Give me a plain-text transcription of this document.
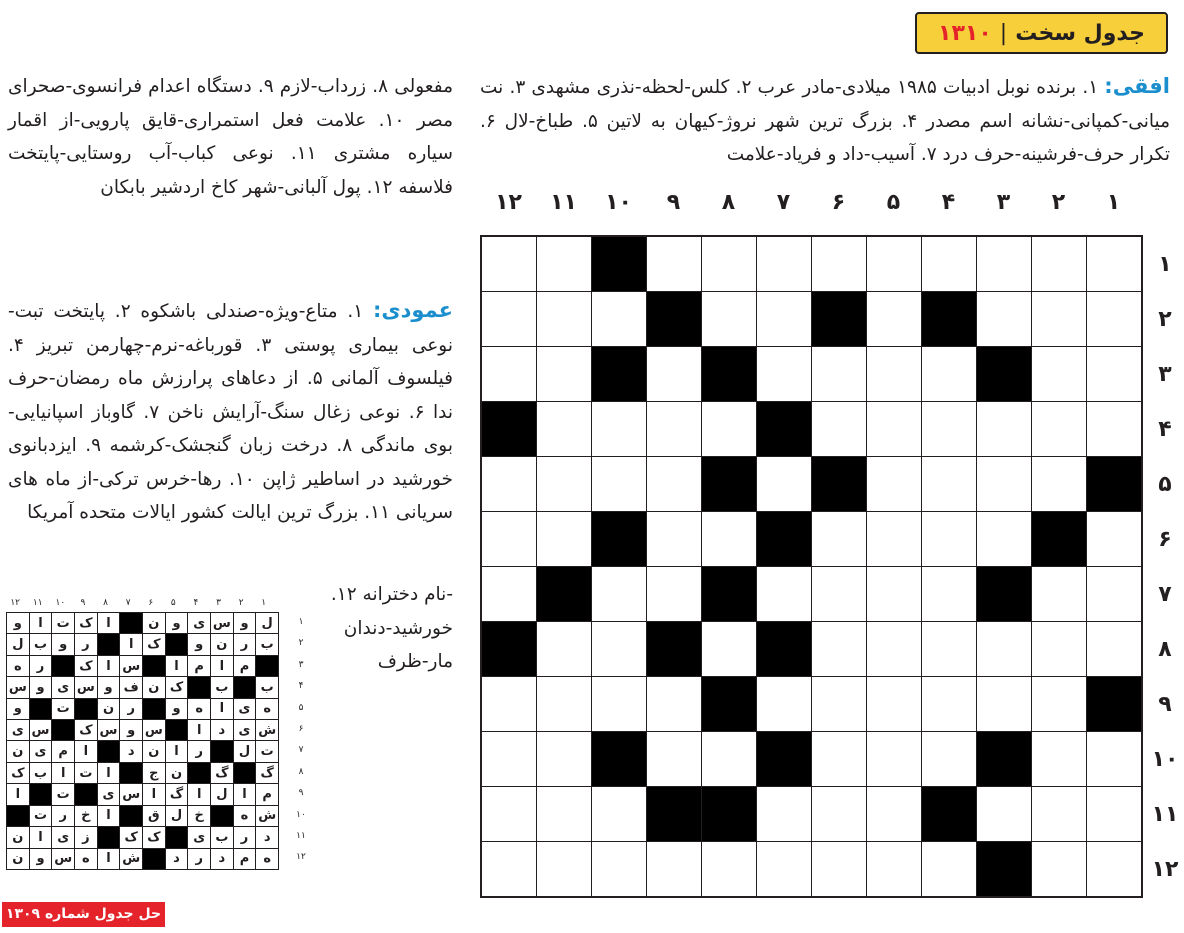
جدول سخت
|
۱۳۱۰
افقی: ۱. برنده نوبل ادبیات ۱۹۸۵ میلادی-مادر عرب ۲. کلس-لحظه-نذری مشهدی ۳. نت میانی-کمپانی-نشانه اسم مصدر ۴. بزرگ ترین شهر نروژ-کیهان به لاتین ۵. طباخ-لال ۶. تکرار حرف-فرشینه-حرف درد ۷. آسیب-داد و فریاد-علامت
مفعولی ۸. زرداب-لازم ۹. دستگاه اعدام فرانسوی-صحرای مصر ۱۰. علامت فعل استمراری-قایق پارویی-از اقمار سیاره مشتری ۱۱. نوعی کباب-آب روستایی-پایتخت فلاسفه ۱۲. پول آلبانی-شهر کاخ اردشیر بابکان
عمودی: ۱. متاع-ویژه-صندلی باشکوه ۲. پایتخت تبت-نوعی بیماری پوستی ۳. قورباغه-نرم-چهارمن تبریز ۴. فیلسوف آلمانی ۵. از دعاهای پرارزش ماه رمضان-حرف ندا ۶. نوعی زغال سنگ-آرایش ناخن ۷. گاوباز اسپانیایی-بوی ماندگی ۸. درخت زبان گنجشک-کرشمه ۹. ایزدبانوی خورشید در اساطیر ژاپن ۱۰. رها-خرس ترکی-از ماه های سریانی ۱۱. بزرگ ترین ایالت کشور ایالات متحده آمریکا
-نام دخترانه ۱۲. خورشید-دندان مار-ظرف
۱
۲
۳
۴
۵
۶
۷
۸
۹
۱۰
۱۱
۱۲
۱
۲
۳
۴
۵
۶
۷
۸
۹
۱۰
۱۱
۱۲
۱
۲
۳
۴
۵
۶
۷
۸
۹
۱۰
۱۱
۱۲
۱
۲
۳
۴
۵
۶
۷
۸
۹
۱۰
۱۱
۱۲
ل
و
س
ی
و
ن
ا
ک
ت
ا
و
ب
ر
ن
و
ک
ا
ر
و
ب
ل
م
ا
م
ا
س
ا
ک
ر
ه
ب
ب
ک
ن
ف
و
س
ی
و
س
ه
ی
ا
ه
و
ر
ن
ت
و
ش
ی
د
ا
س
و
س
ک
س
ی
ت
ل
ر
ا
ن
د
ا
م
ی
ن
گ
گ
ن
ج
ا
ت
ا
ب
ک
م
ا
ل
ا
گ
ا
س
ی
ت
ا
ش
ه
خ
ل
ق
ا
خ
ر
ت
د
ر
ب
ی
ک
ک
ز
ی
ا
ن
ه
م
د
ر
د
ش
ا
ه
س
و
ن
حل جدول شماره ۱۳۰۹
